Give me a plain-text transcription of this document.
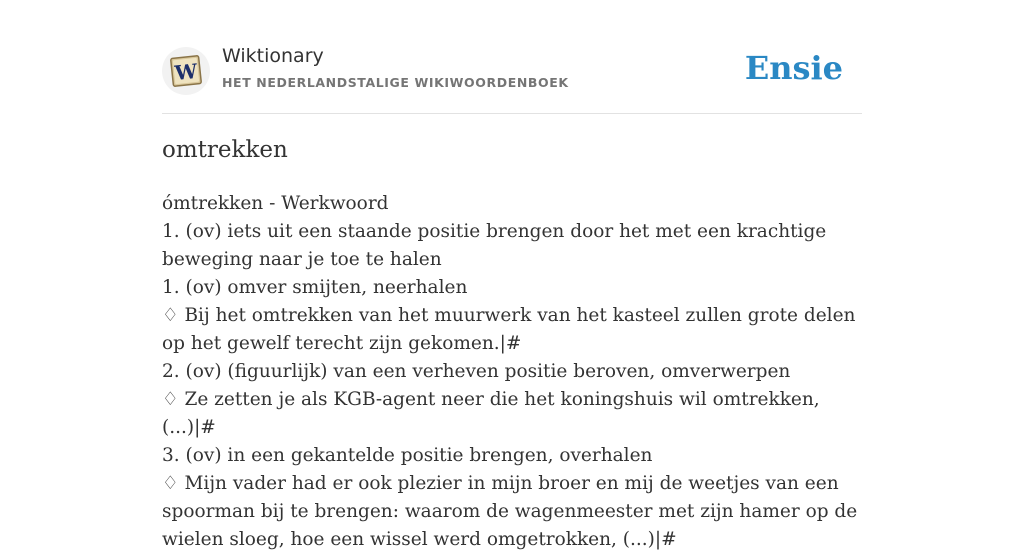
W
Wiktionary
HET NEDERLANDSTALIGE WIKIWOORDENBOEK	Ensie
omtrekken
ómtrekken - Werkwoord
1. (ov) iets uit een staande positie brengen door het met een krachtige beweging naar je toe te halen
1. (ov) omver smijten, neerhalen
♢ Bij het omtrekken van het muurwerk van het kasteel zullen grote delen op het gewelf terecht zijn gekomen.|#
2. (ov) (figuurlijk) van een verheven positie beroven, omverwerpen
♢ Ze zetten je als KGB-agent neer die het koningshuis wil omtrekken, (...)|#
3. (ov) in een gekantelde positie brengen, overhalen
♢ Mijn vader had er ook plezier in mijn broer en mij de weetjes van een spoorman bij te brengen: waarom de wagenmeester met zijn hamer op de wielen sloeg, hoe een wissel werd omgetrokken, (...)|#
